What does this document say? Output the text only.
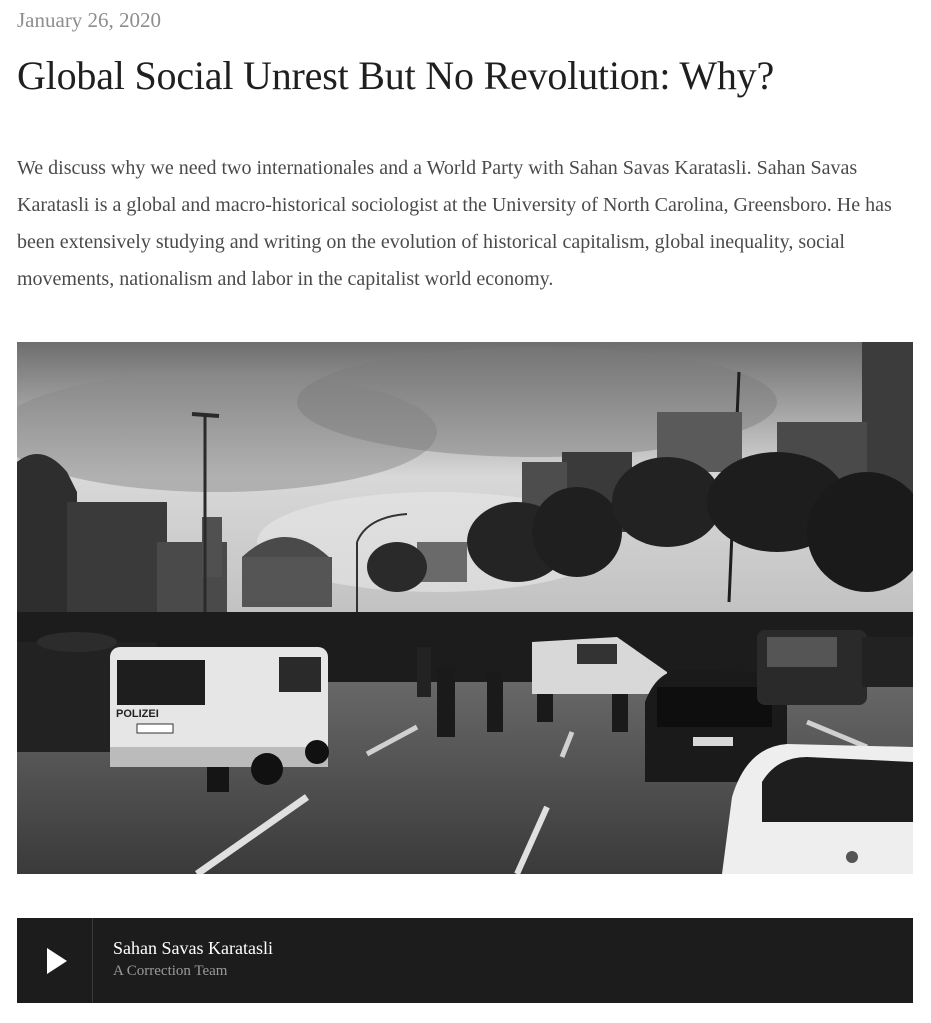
January 26, 2020
Global Social Unrest But No Revolution: Why?

We discuss why we need two internationales and a World Party with Sahan Savas Karatasli. Sahan Savas Karatasli is a global and macro-historical sociologist at the University of North Carolina, Greensboro. He has been extensively studying and writing on the evolution of historical capitalism, global inequality, social movements, nationalism and labor in the capitalist world economy.

POLIZEI
Sahan Savas Karatasli
A Correction Team
